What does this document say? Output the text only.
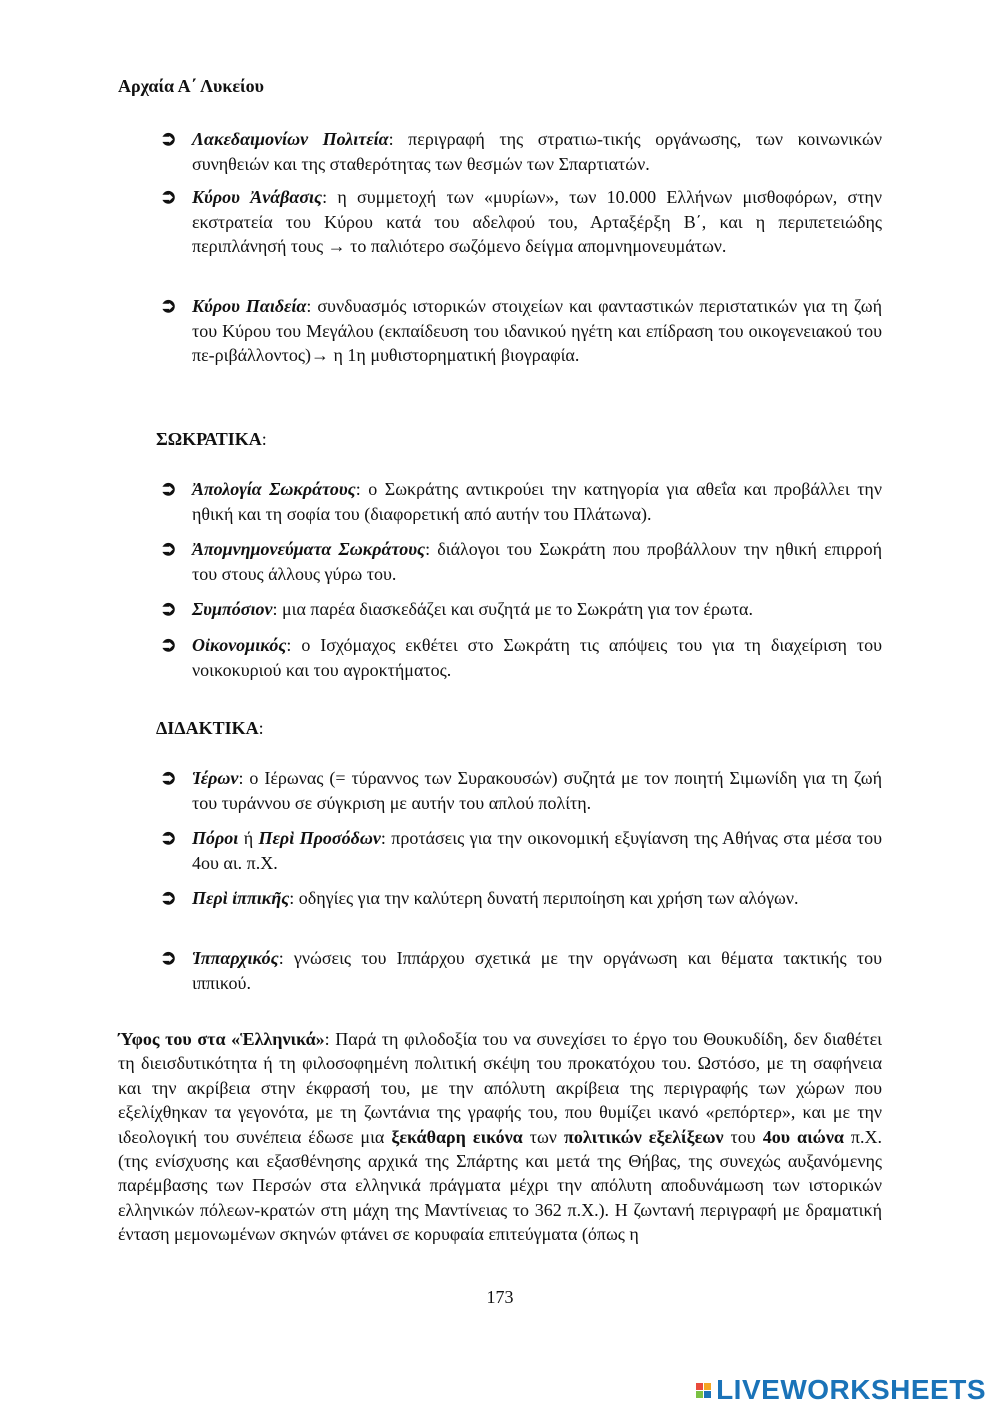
Αρχαία Α΄ Λυκείου
➲ Λακεδαιμονίων Πολιτεία: περιγραφή της στρατιω-τικής οργάνωσης, των κοινωνικών συνηθειών και της σταθερότητας των θεσμών των Σπαρτιατών.
➲ Κύρου Ἀνάβασις: η συμμετοχή των «μυρίων», των 10.000 Ελλήνων μισθοφόρων, στην εκστρατεία του Κύρου κατά του αδελφού του, Αρταξέρξη Β΄, και η περιπετειώδης περιπλάνησή τους → το παλιότερο σωζόμενο δείγμα απομνημονευμάτων.
➲ Κύρου Παιδεία: συνδυασμός ιστορικών στοιχείων και φανταστικών περιστατικών για τη ζωή του Κύρου του Μεγάλου (εκπαίδευση του ιδανικού ηγέτη και επίδραση του οικογενειακού του πε-ριβάλλοντος)→ η 1η μυθιστορηματική βιογραφία.
ΣΩΚΡΑΤΙΚΑ:
➲ Ἀπολογία Σωκράτους: ο Σωκράτης αντικρούει την κατηγορία για αθεΐα και προβάλλει την ηθική και τη σοφία του (διαφορετική από αυτήν του Πλάτωνα).
➲ Ἀπομνημονεύματα Σωκράτους: διάλογοι του Σωκράτη που προβάλλουν την ηθική επιρροή του στους άλλους γύρω του.
➲ Συμπόσιον: μια παρέα διασκεδάζει και συζητά με το Σωκράτη για τον έρωτα.
➲ Οἰκονομικός: ο Ισχόμαχος εκθέτει στο Σωκράτη τις απόψεις του για τη διαχείριση του νοικοκυριού και του αγροκτήματος.
ΔΙΔΑΚΤΙΚΑ:
➲ Ἱέρων: ο Ιέρωνας (= τύραννος των Συρακουσών) συζητά με τον ποιητή Σιμωνίδη για τη ζωή του τυράννου σε σύγκριση με αυτήν του απλού πολίτη.
➲ Πόροι ή Περὶ Προσόδων: προτάσεις για την οικονομική εξυγίανση της Αθήνας στα μέσα του 4ου αι. π.Χ.
➲ Περὶ ἱππικῆς: οδηγίες για την καλύτερη δυνατή περιποίηση και χρήση των αλόγων.
➲ Ἱππαρχικός: γνώσεις του Ιππάρχου σχετικά με την οργάνωση και θέματα τακτικής του ιππικού.
Ύφος του στα «Ἑλληνικά»: Παρά τη φιλοδοξία του να συνεχίσει το έργο του Θουκυδίδη, δεν διαθέτει τη διεισδυτικότητα ή τη φιλοσοφημένη πολιτική σκέψη του προκατόχου του. Ωστόσο, με τη σαφήνεια και την ακρίβεια στην έκφρασή του, με την απόλυτη ακρίβεια της περιγραφής των χώρων που εξελίχθηκαν τα γεγονότα, με τη ζωντάνια της γραφής του, που θυμίζει ικανό «ρεπόρτερ», και με την ιδεολογική του συνέπεια έδωσε μια ξεκάθαρη εικόνα των πολιτικών εξελίξεων του 4ου αιώνα π.Χ. (της ενίσχυσης και εξασθένησης αρχικά της Σπάρτης και μετά της Θήβας, της συνεχώς αυξανόμενης παρέμβασης των Περσών στα ελληνικά πράγματα μέχρι την απόλυτη αποδυνάμωση των ιστορικών ελληνικών πόλεων-κρατών στη μάχη της Μαντίνειας το 362 π.Χ.). Η ζωντανή περιγραφή με δραματική ένταση μεμονωμένων σκηνών φτάνει σε κορυφαία επιτεύγματα (όπως η
173
LIVEWORKSHEETS
